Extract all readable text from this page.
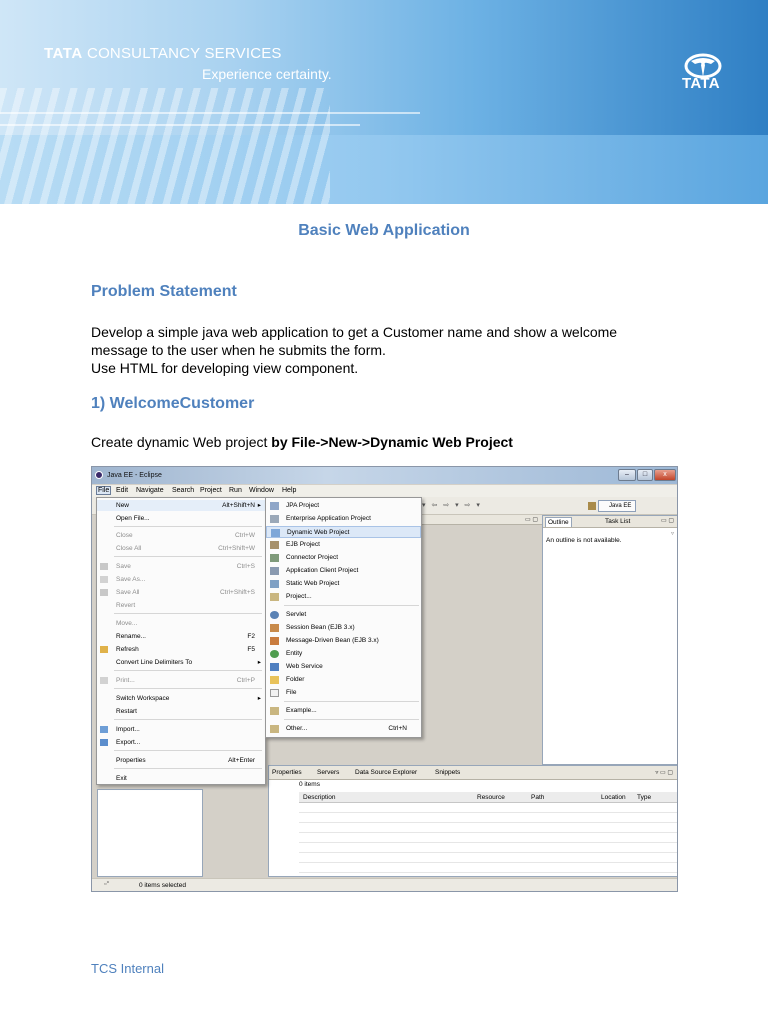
TATA CONSULTANCY SERVICES
Experience certainty.
TATA
Basic Web Application
Problem Statement
Develop a simple java web application to get a Customer name and show a welcome
message to the user when he submits the form.
Use HTML for developing view component.
1) WelcomeCustomer
Create dynamic Web project by File->New->Dynamic Web Project
Java EE - Eclipse	–	□	x
File Edit Navigate Search Project Run Window Help
▾ ⇦ ⇨ ▾ ⇨ ▾	Java EE
▭ ▢	Outline	Task List	▭ ▢
▿
An outline is not available.
Properties Servers Data Source Explorer	Snippets	▿ ▭ ▢
0 items
Description	Resource	Path	Location Type
▫°	0 items selected
New	Alt+Shift+N ▸
Open File...
Close	Ctrl+W
Close All	Ctrl+Shift+W
Save	Ctrl+S
Save As...
Save All	Ctrl+Shift+S
Revert
Move...
Rename...	F2
Refresh	F5
Convert Line Delimiters To	▸
Print...	Ctrl+P
Switch Workspace	▸
Restart
Import...
Export...
Properties	Alt+Enter
Exit
JPA Project
Enterprise Application Project
Dynamic Web Project
EJB Project
Connector Project
Application Client Project
Static Web Project
Project...
Servlet
Session Bean (EJB 3.x)
Message-Driven Bean (EJB 3.x)
Entity
Web Service
Folder
File
Example...
Other...	Ctrl+N
TCS Internal
